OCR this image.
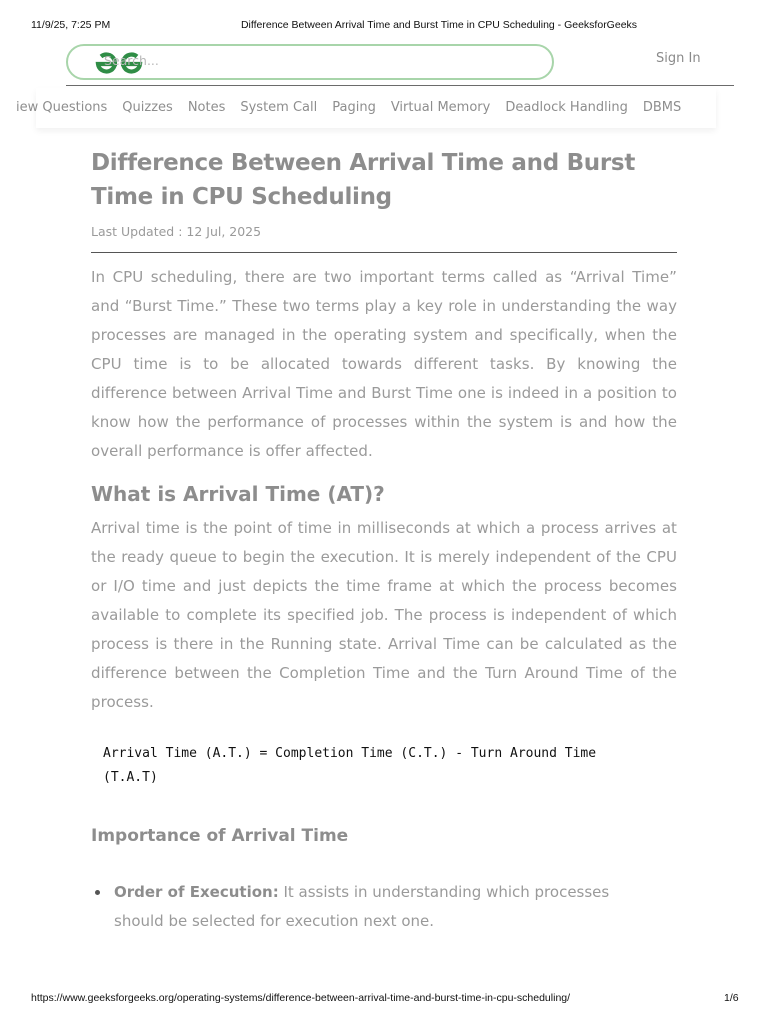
11/9/25, 7:25 PM	Difference Between Arrival Time and Burst Time in CPU Scheduling - GeeksforGeeks
Search...	Sign In
iew Questions Quizzes Notes System Call Paging Virtual Memory Deadlock Handling DBMS
Difference Between Arrival Time and Burst Time in CPU Scheduling
Last Updated : 12 Jul, 2025

In CPU scheduling, there are two important terms called as “Arrival Time” and “Burst Time.” These two terms play a key role in understanding the way processes are managed in the operating system and specifically, when the CPU time is to be allocated towards different tasks. By knowing the difference between Arrival Time and Burst Time one is indeed in a position to know how the performance of processes within the system is and how the overall performance is offer affected.

What is Arrival Time (AT)?

Arrival time is the point of time in milliseconds at which a process arrives at the ready queue to begin the execution. It is merely independent of the CPU or I/O time and just depicts the time frame at which the process becomes available to complete its specified job. The process is independent of which process is there in the Running state. Arrival Time can be calculated as the difference between the Completion Time and the Turn Around Time of the process.

Arrival Time (A.T.) = Completion Time (C.T.) - Turn Around Time
(T.A.T)
Importance of Arrival Time
Order of Execution: It assists in understanding which processes should be selected for execution next one.
https://www.geeksforgeeks.org/operating-systems/difference-between-arrival-time-and-burst-time-in-cpu-scheduling/	1/6
